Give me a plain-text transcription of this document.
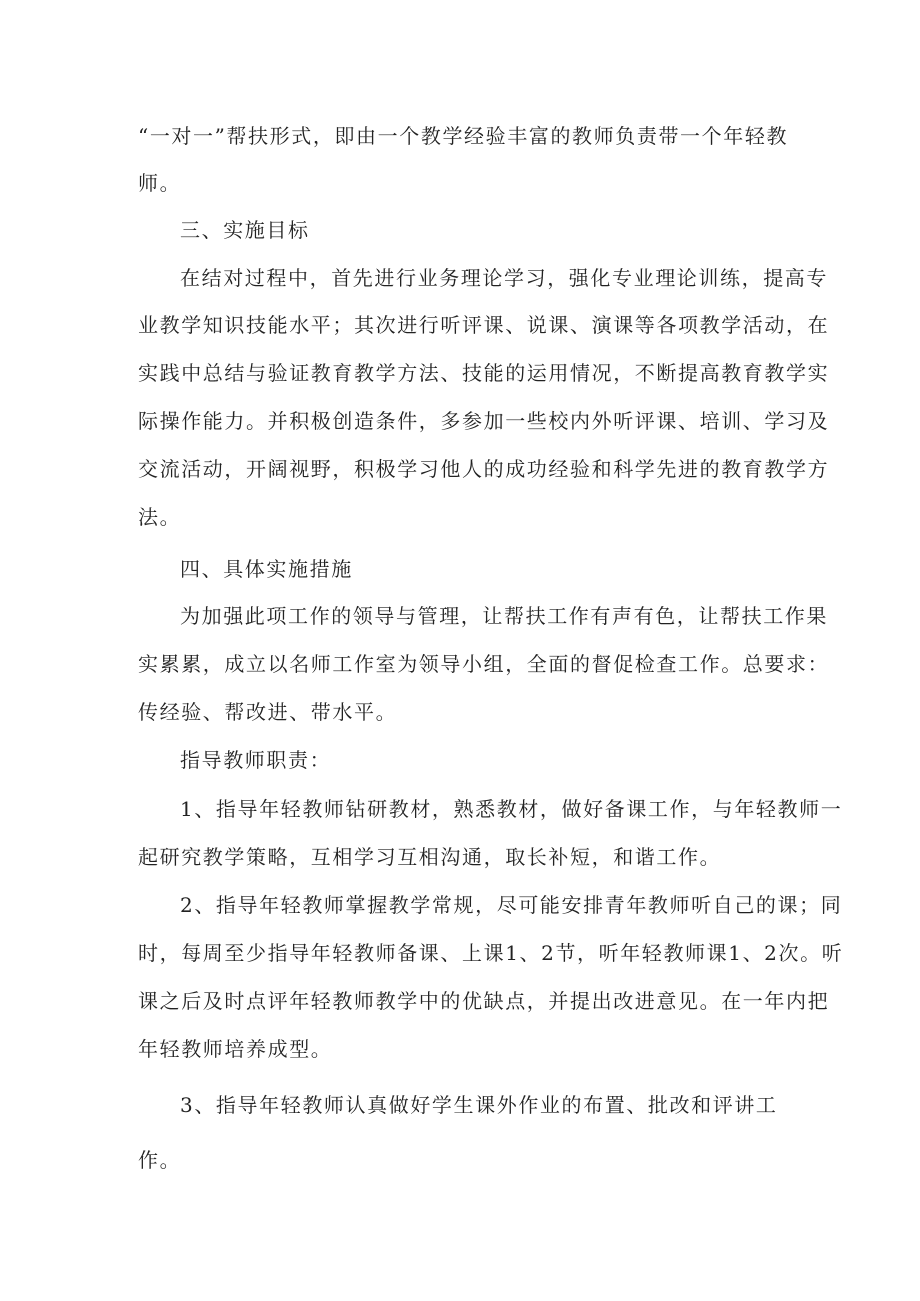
“一对一”帮扶形式，即由一个教学经验丰富的教师负责带一个年轻教
师。
三、实施目标
在结对过程中，首先进行业务理论学习，强化专业理论训练，提高专
业教学知识技能水平；其次进行听评课、说课、演课等各项教学活动，在
实践中总结与验证教育教学方法、技能的运用情况，不断提高教育教学实
际操作能力。并积极创造条件，多参加一些校内外听评课、培训、学习及
交流活动，开阔视野，积极学习他人的成功经验和科学先进的教育教学方
法。
四、具体实施措施
为加强此项工作的领导与管理，让帮扶工作有声有色，让帮扶工作果
实累累，成立以名师工作室为领导小组，全面的督促检查工作。总要求：
传经验、帮改进、带水平。
指导教师职责：
1、指导年轻教师钻研教材，熟悉教材，做好备课工作，与年轻教师一
起研究教学策略，互相学习互相沟通，取长补短，和谐工作。
2、指导年轻教师掌握教学常规，尽可能安排青年教师听自己的课；同
时，每周至少指导年轻教师备课、上课1、2节，听年轻教师课1、2次。听
课之后及时点评年轻教师教学中的优缺点，并提出改进意见。在一年内把
年轻教师培养成型。
3、指导年轻教师认真做好学生课外作业的布置、批改和评讲工
作。
